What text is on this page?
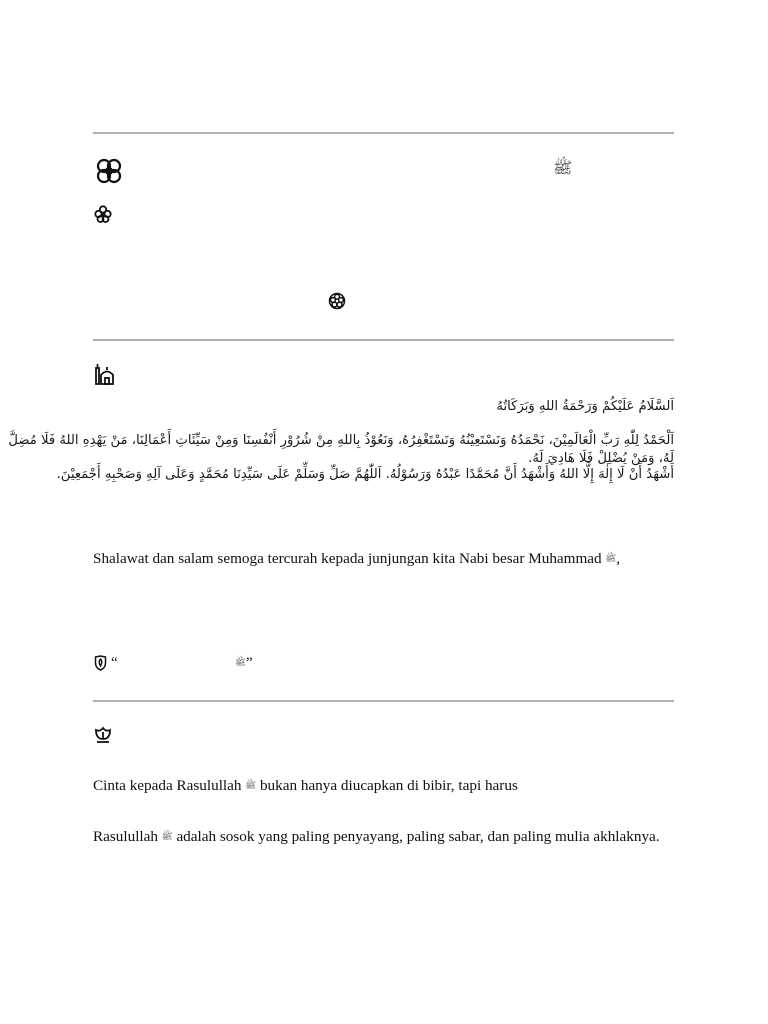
ﷺ
اَلسَّلَامُ عَلَيْكُمْ وَرَحْمَةُ اللهِ وَبَرَكَاتُهُ
اَلْحَمْدُ لِلّٰهِ رَبِّ الْعَالَمِيْنَ، نَحْمَدُهُ وَنَسْتَعِيْنُهُ وَنَسْتَغْفِرُهُ، وَنَعُوْذُ بِاللهِ مِنْ شُرُوْرِ أَنْفُسِنَا وَمِنْ سَيِّئَاتِ أَعْمَالِنَا، مَنْ يَهْدِهِ اللهُ فَلَا مُضِلَّ
لَهُ، وَمَنْ يُضْلِلْ فَلَا هَادِيَ لَهُ.
أَشْهَدُ أَنْ لَا إِلٰهَ إِلَّا اللهُ وَأَشْهَدُ أَنَّ مُحَمَّدًا عَبْدُهُ وَرَسُوْلُهُ. اَللّٰهُمَّ صَلِّ وَسَلِّمْ عَلَى سَيِّدِنَا مُحَمَّدٍ وَعَلَى آلِهِ وَصَحْبِهِ أَجْمَعِيْنَ.
Shalawat dan salam semoga tercurah kepada junjungan kita Nabi besar Muhammad ﷺ,
“	ﷺ”
Cinta kepada Rasulullah ﷺ bukan hanya diucapkan di bibir, tapi harus
Rasulullah ﷺ adalah sosok yang paling penyayang, paling sabar, dan paling mulia akhlaknya.
